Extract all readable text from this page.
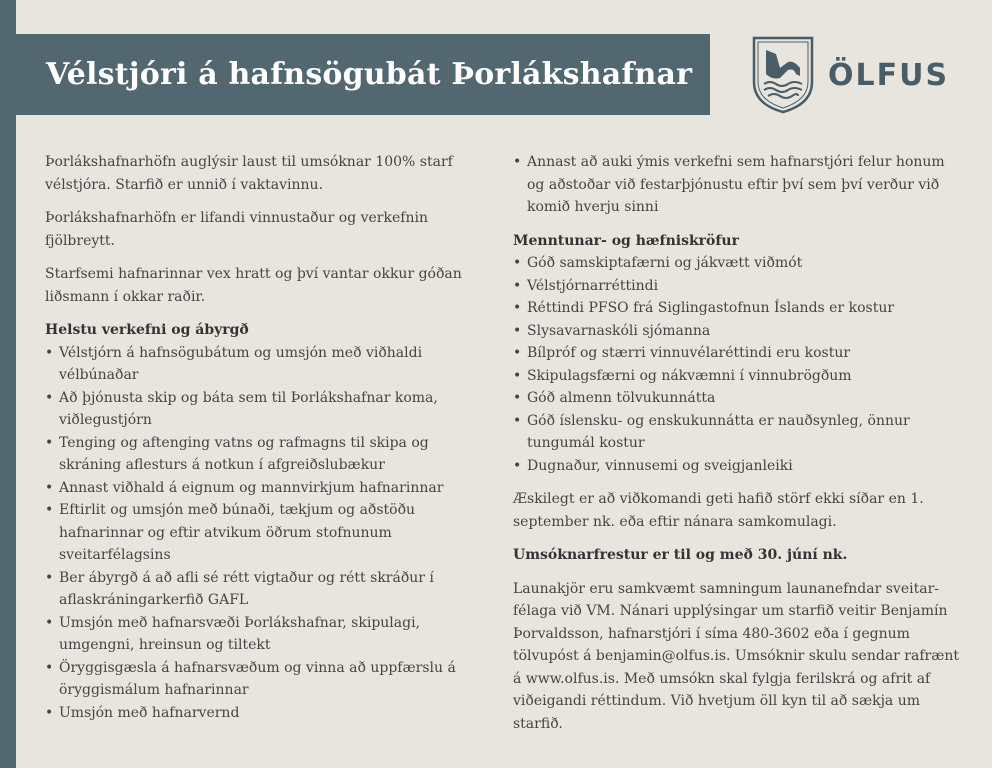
Vélstjóri á hafnsögubát Þorlákshafnar	ÖLFUS

Þorlákshafnarhöfn auglýsir laust til umsóknar 100% starf vélstjóra. Starfið er unnið í vaktavinnu.

Þorlákshafnarhöfn er lifandi vinnustaður og verkefnin fjölbreytt.

Starfsemi hafnarinnar vex hratt og því vantar okkur góðan liðsmann í okkar raðir.

Helstu verkefni og ábyrgð
• Vélstjórn á hafnsögubátum og umsjón með viðhaldi vélbúnaðar
• Að þjónusta skip og báta sem til Þorlákshafnar koma, viðlegustjórn
• Tenging og aftenging vatns og rafmagns til skipa og skráning aflesturs á notkun í afgreiðslubækur
• Annast viðhald á eignum og mannvirkjum hafnarinnar
• Eftirlit og umsjón með búnaði, tækjum og aðstöðu hafnarinnar og eftir atvikum öðrum stofnunum sveitarfélagsins
• Ber ábyrgð á að afli sé rétt vigtaður og rétt skráður í aflaskráningarkerfið GAFL
• Umsjón með hafnarsvæði Þorlákshafnar, skipulagi, umgengni, hreinsun og tiltekt
• Öryggisgæsla á hafnarsvæðum og vinna að uppfærslu á öryggismálum hafnarinnar
• Umsjón með hafnarvernd
• Annast að auki ýmis verkefni sem hafnarstjóri felur honum og aðstoðar við festarþjónustu eftir því sem því verður við komið hverju sinni
Menntunar- og hæfniskröfur
• Góð samskiptafærni og jákvætt viðmót
• Vélstjórnarréttindi
• Réttindi PFSO frá Siglingastofnun Íslands er kostur
• Slysavarnaskóli sjómanna
• Bílpróf og stærri vinnuvélaréttindi eru kostur
• Skipulagsfærni og nákvæmni í vinnubrögðum
• Góð almenn tölvukunnátta
• Góð íslensku- og enskukunnátta er nauðsynleg, önnur tungumál kostur
• Dugnaður, vinnusemi og sveigjanleiki

Æskilegt er að viðkomandi geti hafið störf ekki síðar en 1. september nk. eða eftir nánara samkomulagi.

Umsóknarfrestur er til og með 30. júní nk.

Launakjör eru samkvæmt samningum launanefndar sveitar-félaga við VM. Nánari upplýsingar um starfið veitir Benjamín Þorvaldsson, hafnarstjóri í síma 480-3602 eða í gegnum tölvupóst á benjamin@olfus.is. Umsóknir skulu sendar rafrænt á www.olfus.is. Með umsókn skal fylgja ferilskrá og afrit af viðeigandi réttindum. Við hvetjum öll kyn til að sækja um starfið.
